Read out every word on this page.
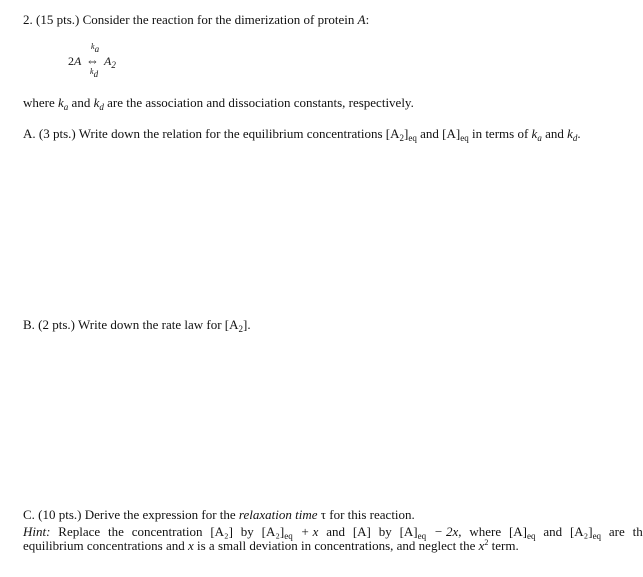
2. (15 pts.) Consider the reaction for the dimerization of protein A:
$k_a$
2A ⇔ $A_2$
$k_d$
where $k_a$ and $k_d$ are the association and dissociation constants, respectively.
A. (3 pts.) Write down the relation for the equilibrium concentrations $[A_2]_{eq}$ and $[A]_{eq}$ in terms of $k_a$ and $k_d$.
B. (2 pts.) Write down the rate law for $[A_2]$.
C. (10 pts.) Derive the expression for the relaxation time τ for this reaction.
Hint: Replace the concentration [A₂] by $[A_2]_{eq} + x$ and [A] by $[A]_{eq} - 2x$, where $[A]_{eq}$ and $[A_2]_{eq}$ are th
equilibrium concentrations and x is a small deviation in concentrations, and neglect the $x^2$ term.
